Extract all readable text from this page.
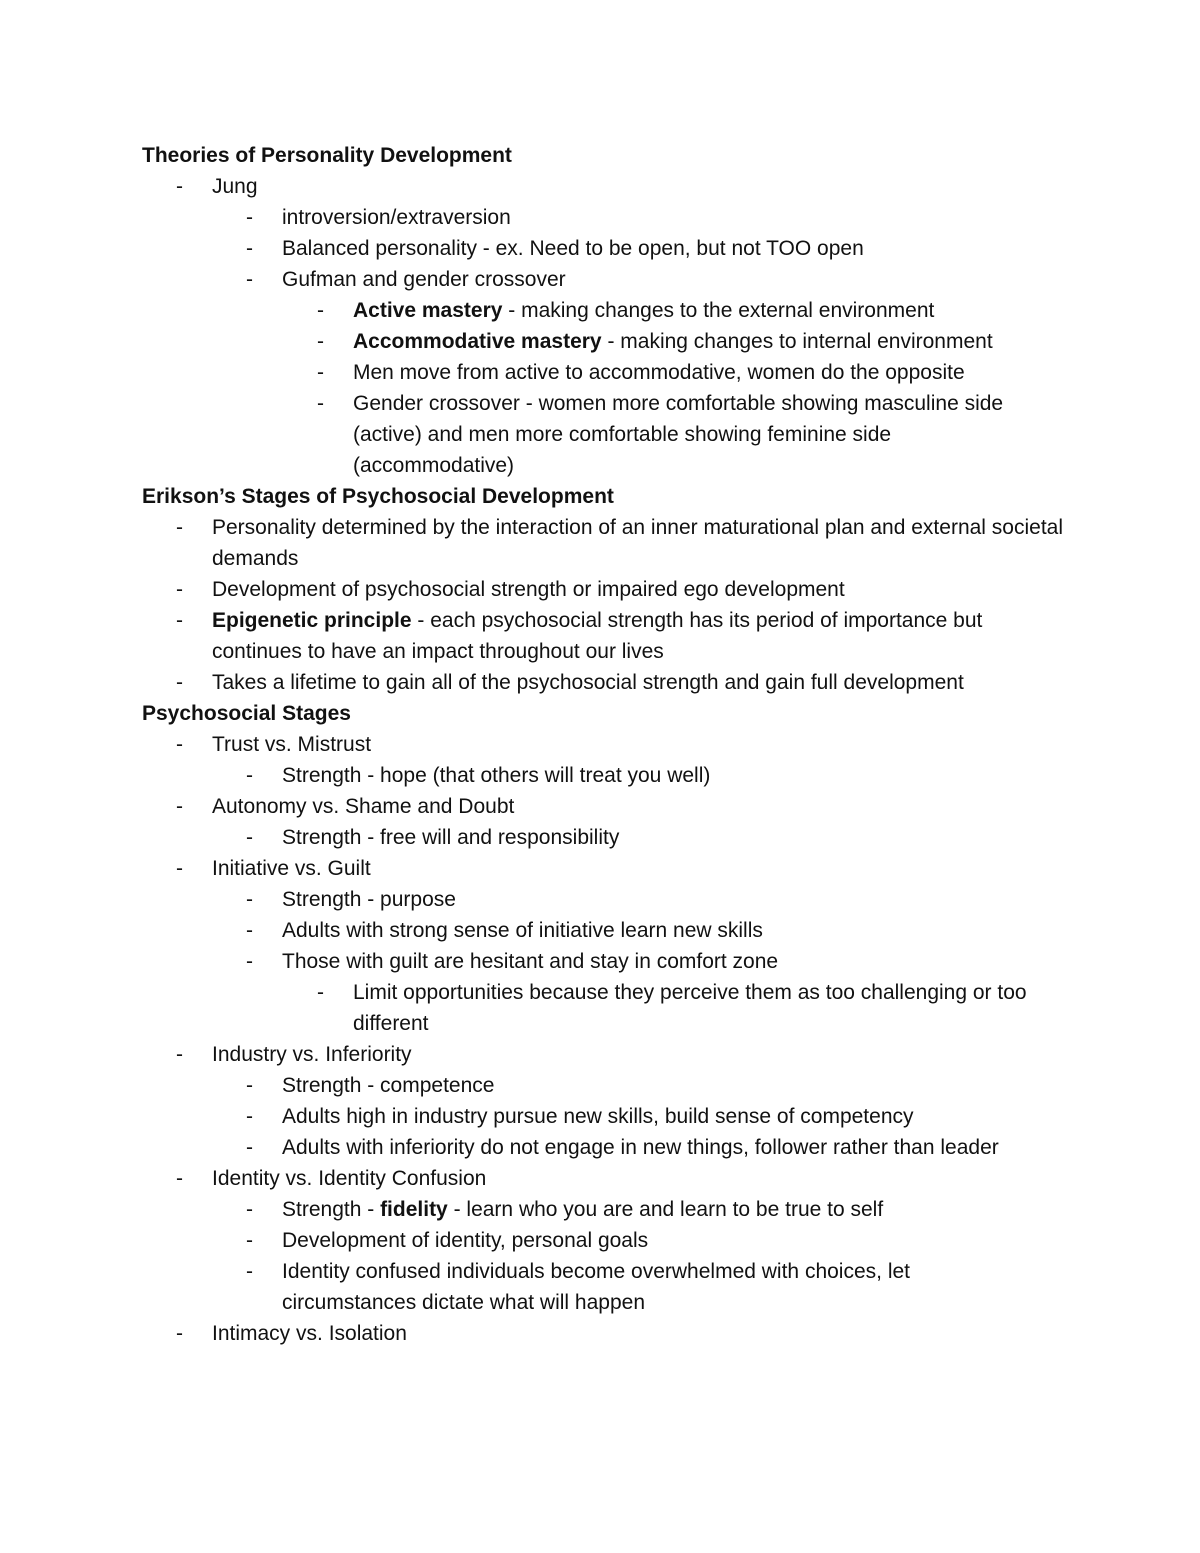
Theories of Personality Development
- Jung
- introversion/extraversion
- Balanced personality - ex. Need to be open, but not TOO open
- Gufman and gender crossover
- Active mastery - making changes to the external environment
- Accommodative mastery - making changes to internal environment
- Men move from active to accommodative, women do the opposite
- Gender crossover - women more comfortable showing masculine side (active) and men more comfortable showing feminine side (accommodative)
Erikson’s Stages of Psychosocial Development
- Personality determined by the interaction of an inner maturational plan and external societal demands
- Development of psychosocial strength or impaired ego development
- Epigenetic principle - each psychosocial strength has its period of importance but continues to have an impact throughout our lives
- Takes a lifetime to gain all of the psychosocial strength and gain full development
Psychosocial Stages
- Trust vs. Mistrust
- Strength - hope (that others will treat you well)
- Autonomy vs. Shame and Doubt
- Strength - free will and responsibility
- Initiative vs. Guilt
- Strength - purpose
- Adults with strong sense of initiative learn new skills
- Those with guilt are hesitant and stay in comfort zone
- Limit opportunities because they perceive them as too challenging or too different
- Industry vs. Inferiority
- Strength - competence
- Adults high in industry pursue new skills, build sense of competency
- Adults with inferiority do not engage in new things, follower rather than leader
- Identity vs. Identity Confusion
- Strength - fidelity - learn who you are and learn to be true to self
- Development of identity, personal goals
- Identity confused individuals become overwhelmed with choices, let circumstances dictate what will happen
- Intimacy vs. Isolation
